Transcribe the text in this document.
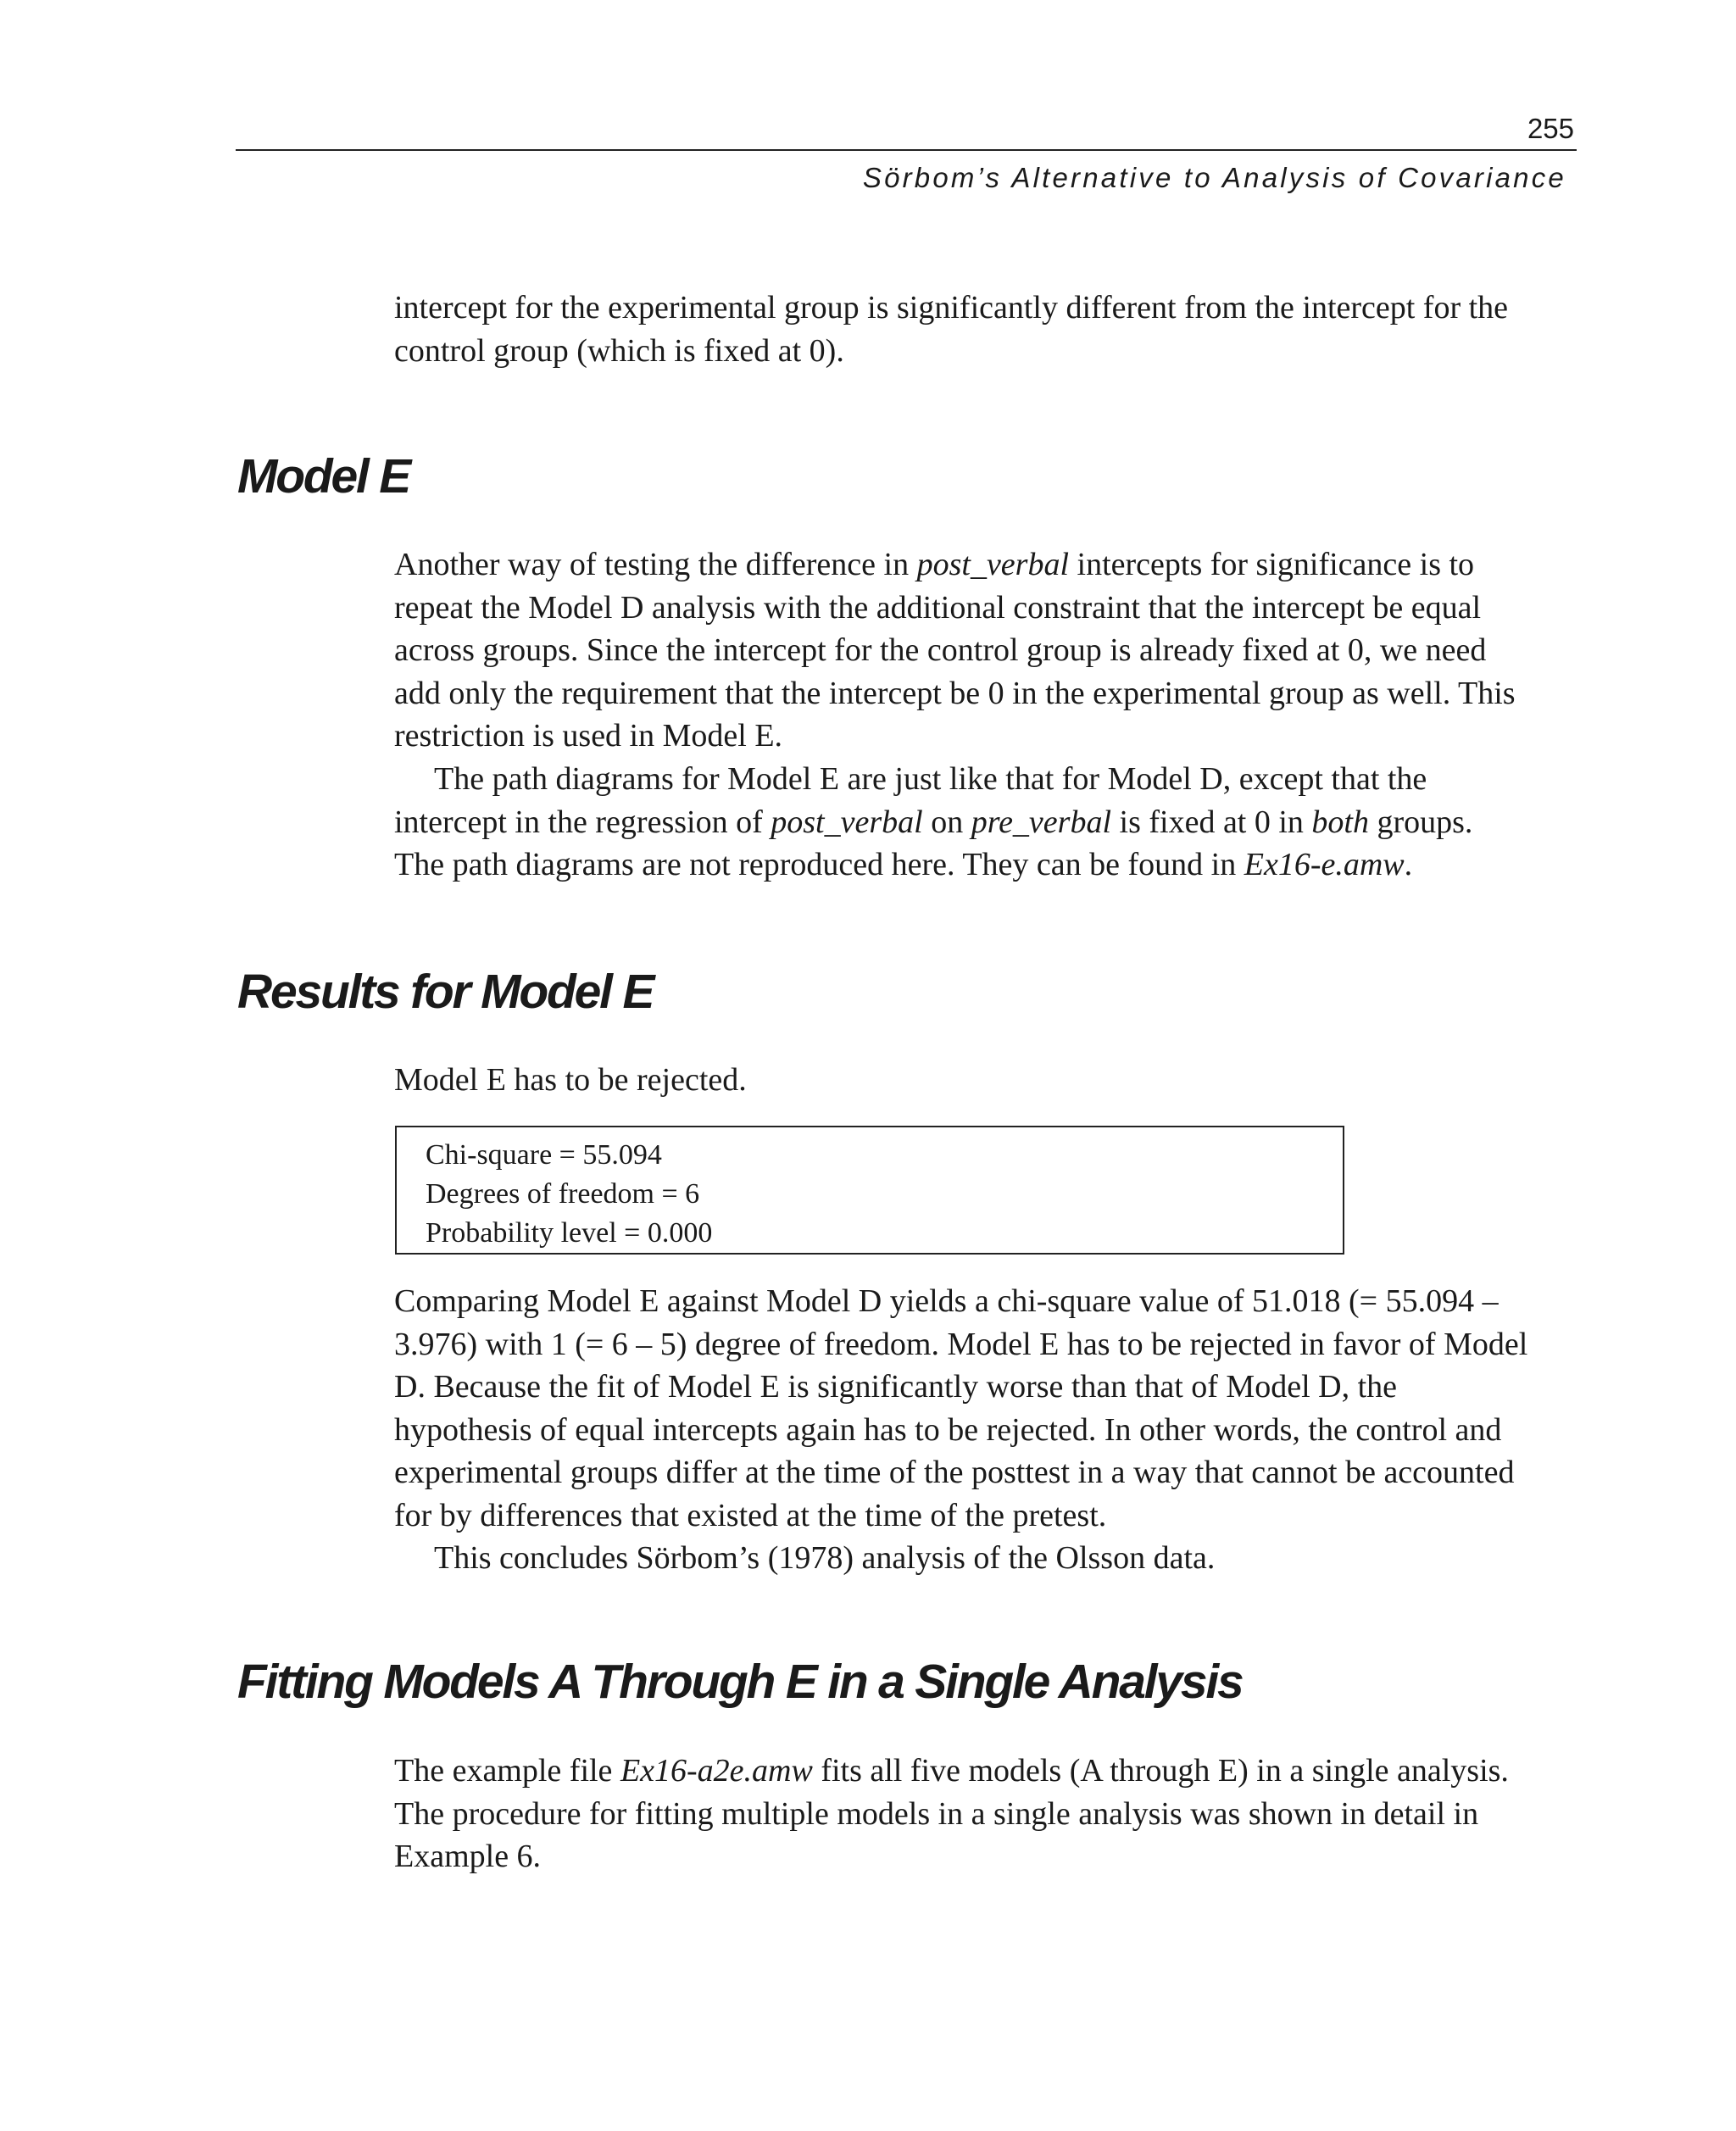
255
Sörbom’s Alternative to Analysis of Covariance

intercept for the experimental group is significantly different from the intercept for the
control group (which is fixed at 0).

Model E

Another way of testing the difference in post_verbal intercepts for significance is to
repeat the Model D analysis with the additional constraint that the intercept be equal
across groups. Since the intercept for the control group is already fixed at 0, we need
add only the requirement that the intercept be 0 in the experimental group as well. This
restriction is used in Model E.

The path diagrams for Model E are just like that for Model D, except that the
intercept in the regression of post_verbal on pre_verbal is fixed at 0 in both groups.
The path diagrams are not reproduced here. They can be found in Ex16-e.amw.

Results for Model E

Model E has to be rejected.

Chi-square = 55.094
Degrees of freedom = 6
Probability level = 0.000

Comparing Model E against Model D yields a chi-square value of 51.018 (= 55.094 –
3.976) with 1 (= 6 – 5) degree of freedom. Model E has to be rejected in favor of Model
D. Because the fit of Model E is significantly worse than that of Model D, the
hypothesis of equal intercepts again has to be rejected. In other words, the control and
experimental groups differ at the time of the posttest in a way that cannot be accounted
for by differences that existed at the time of the pretest.
This concludes Sörbom’s (1978) analysis of the Olsson data.

Fitting Models A Through E in a Single Analysis

The example file Ex16-a2e.amw fits all five models (A through E) in a single analysis.
The procedure for fitting multiple models in a single analysis was shown in detail in
Example 6.
